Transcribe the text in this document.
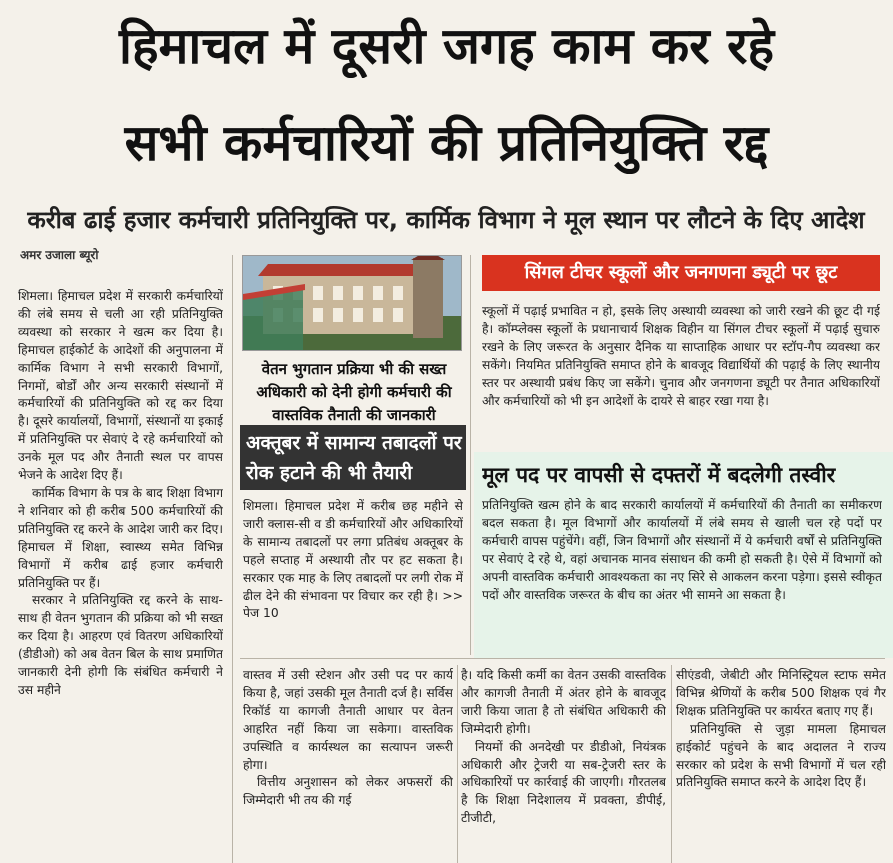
हिमाचल में दूसरी जगह काम कर रहे
सभी कर्मचारियों की प्रतिनियुक्ति रद्द
करीब ढाई हजार कर्मचारी प्रतिनियुक्ति पर, कार्मिक विभाग ने मूल स्थान पर लौटने के दिए आदेश
अमर उजाला ब्यूरो

शिमला। हिमाचल प्रदेश में सरकारी कर्मचारियों की लंबे समय से चली आ रही प्रतिनियुक्ति व्यवस्था को सरकार ने खत्म कर दिया है। हिमाचल हाईकोर्ट के आदेशों की अनुपालना में कार्मिक विभाग ने सभी सरकारी विभागों, निगमों, बोर्डों और अन्य सरकारी संस्थानों में कर्मचारियों की प्रतिनियुक्ति को रद्द कर दिया है। दूसरे कार्यालयों, विभागों, संस्थानों या इकाई में प्रतिनियुक्ति पर सेवाएं दे रहे कर्मचारियों को उनके मूल पद और तैनाती स्थल पर वापस भेजने के आदेश दिए हैं।

कार्मिक विभाग के पत्र के बाद शिक्षा विभाग ने शनिवार को ही करीब 500 कर्मचारियों की प्रतिनियुक्ति रद्द करने के आदेश जारी कर दिए। हिमाचल में शिक्षा, स्वास्थ्य समेत विभिन्न विभागों में करीब ढाई हजार कर्मचारी प्रतिनियुक्ति पर हैं।

सरकार ने प्रतिनियुक्ति रद्द करने के साथ-साथ ही वेतन भुगतान की प्रक्रिया को भी सख्त कर दिया है। आहरण एवं वितरण अधिकारियों (डीडीओ) को अब वेतन बिल के साथ प्रमाणित जानकारी देनी होगी कि संबंधित कर्मचारी ने उस महीने

वेतन भुगतान प्रक्रिया भी की सख्त अधिकारी को देनी होगी कर्मचारी की वास्तविक तैनाती की जानकारी
अक्तूबर में सामान्य तबादलों पर रोक हटाने की भी तैयारी
शिमला। हिमाचल प्रदेश में करीब छह महीने से जारी क्लास-सी व डी कर्मचारियों और अधिकारियों के सामान्य तबादलों पर लगा प्रतिबंध अक्तूबर के पहले सप्ताह में अस्थायी तौर पर हट सकता है। सरकार एक माह के लिए तबादलों पर लगी रोक में ढील देने की संभावना पर विचार कर रही है। >> पेज 10
सिंगल टीचर स्कूलों और जनगणना ड्यूटी पर छूट
स्कूलों में पढ़ाई प्रभावित न हो, इसके लिए अस्थायी व्यवस्था को जारी रखने की छूट दी गई है। कॉम्प्लेक्स स्कूलों के प्रधानाचार्य शिक्षक विहीन या सिंगल टीचर स्कूलों में पढ़ाई सुचारु रखने के लिए जरूरत के अनुसार दैनिक या साप्ताहिक आधार पर स्टॉप-गैप व्यवस्था कर सकेंगे। नियमित प्रतिनियुक्ति समाप्त होने के बावजूद विद्यार्थियों की पढ़ाई के लिए स्थानीय स्तर पर अस्थायी प्रबंध किए जा सकेंगे। चुनाव और जनगणना ड्यूटी पर तैनात अधिकारियों और कर्मचारियों को भी इन आदेशों के दायरे से बाहर रखा गया है।
मूल पद पर वापसी से दफ्तरों में बदलेगी तस्वीर
प्रतिनियुक्ति खत्म होने के बाद सरकारी कार्यालयों में कर्मचारियों की तैनाती का समीकरण बदल सकता है। मूल विभागों और कार्यालयों में लंबे समय से खाली चल रहे पदों पर कर्मचारी वापस पहुंचेंगे। वहीं, जिन विभागों और संस्थानों में ये कर्मचारी वर्षों से प्रतिनियुक्ति पर सेवाएं दे रहे थे, वहां अचानक मानव संसाधन की कमी हो सकती है। ऐसे में विभागों को अपनी वास्तविक कर्मचारी आवश्यकता का नए सिरे से आकलन करना पड़ेगा। इससे स्वीकृत पदों और वास्तविक जरूरत के बीच का अंतर भी सामने आ सकता है।

वास्तव में उसी स्टेशन और उसी पद पर कार्य किया है, जहां उसकी मूल तैनाती दर्ज है। सर्विस रिकॉर्ड या कागजी तैनाती आधार पर वेतन आहरित नहीं किया जा सकेगा। वास्तविक उपस्थिति व कार्यस्थल का सत्यापन जरूरी होगा।

वित्तीय अनुशासन को लेकर अफसरों की जिम्मेदारी भी तय की गई

है। यदि किसी कर्मी का वेतन उसकी वास्तविक और कागजी तैनाती में अंतर होने के बावजूद जारी किया जाता है तो संबंधित अधिकारी की जिम्मेदारी होगी।

नियमों की अनदेखी पर डीडीओ, नियंत्रक अधिकारी और ट्रेजरी या सब-ट्रेजरी स्तर के अधिकारियों पर कार्रवाई की जाएगी। गौरतलब है कि शिक्षा निदेशालय में प्रवक्ता, डीपीई, टीजीटी,

सीएंडवी, जेबीटी और मिनिस्ट्रियल स्टाफ समेत विभिन्न श्रेणियों के करीब 500 शिक्षक एवं गैर शिक्षक प्रतिनियुक्ति पर कार्यरत बताए गए हैं।

प्रतिनियुक्ति से जुड़ा मामला हिमाचल हाईकोर्ट पहुंचने के बाद अदालत ने राज्य सरकार को प्रदेश के सभी विभागों में चल रही प्रतिनियुक्ति समाप्त करने के आदेश दिए हैं।
